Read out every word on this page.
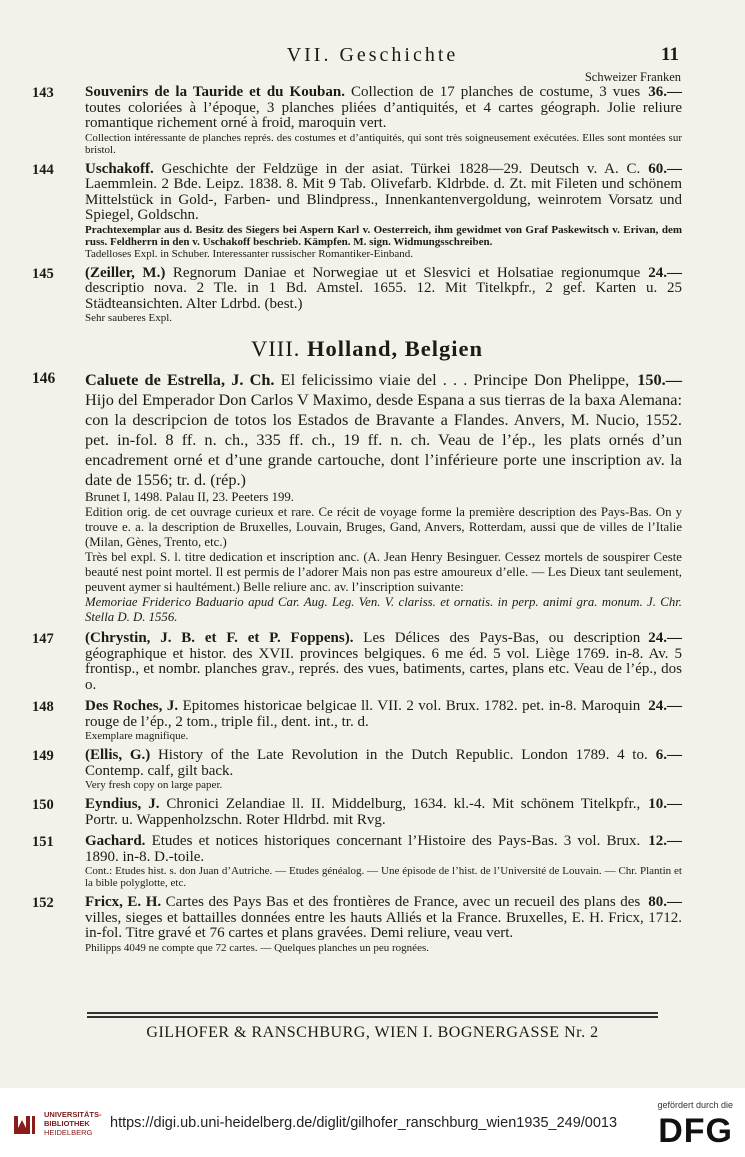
VII. Geschichte	11
Schweizer Franken
143	36.—
Souvenirs de la Tauride et du Kouban. Collection de 17 planches de costume, 3 vues toutes coloriées à l’époque, 3 planches pliées d’antiquités, et 4 cartes géograph. Jolie reliure romantique richement orné à froid, maroquin vert.
Collection intéressante de planches représ. des costumes et d’antiquités, qui sont très soigneusement exécutées. Elles sont montées sur bristol.
144	60.—
Uschakoff. Geschichte der Feldzüge in der asiat. Türkei 1828—29. Deutsch v. A. C. Laemmlein. 2 Bde. Leipz. 1838. 8. Mit 9 Tab. Olivefarb. Kldrbde. d. Zt. mit Fileten und schönem Mittelstück in Gold-, Farben- und Blindpress., Innenkantenvergoldung, weinrotem Vorsatz und Spiegel, Goldschn.
Prachtexemplar aus d. Besitz des Siegers bei Aspern Karl v. Oesterreich, ihm gewidmet von Graf Paskewitsch v. Erivan, dem russ. Feldherrn in den v. Uschakoff beschrieb. Kämpfen. M. sign. Widmungsschreiben.
Tadelloses Expl. in Schuber. Interessanter russischer Romantiker-Einband.
145	24.—
(Zeiller, M.) Regnorum Daniae et Norwegiae ut et Slesvici et Holsatiae regionumque descriptio nova. 2 Tle. in 1 Bd. Amstel. 1655. 12. Mit Titelkpfr., 2 gef. Karten u. 25 Städteansichten. Alter Ldrbd. (best.)
Sehr sauberes Expl.
VIII. Holland, Belgien
146	150.—
Caluete de Estrella, J. Ch. El felicissimo viaie del . . . Principe Don Phelippe, Hijo del Emperador Don Carlos V Maximo, desde Espana a sus tierras de la baxa Alemana: con la descripcion de totos los Estados de Bravante a Flandes. Anvers, M. Nucio, 1552. pet. in-fol. 8 ff. n. ch., 335 ff. ch., 19 ff. n. ch. Veau de l’ép., les plats ornés d’un encadrement orné et d’une grande cartouche, dont l’inférieure porte une inscription av. la date de 1556; tr. d. (rép.)
Brunet I, 1498. Palau II, 23. Peeters 199.
Edition orig. de cet ouvrage curieux et rare. Ce récit de voyage forme la première description des Pays-Bas. On y trouve e. a. la description de Bruxelles, Louvain, Bruges, Gand, Anvers, Rotterdam, aussi que de villes de l’Italie (Milan, Gènes, Trento, etc.)
Très bel expl. S. l. titre dedication et inscription anc. (A. Jean Henry Besinguer. Cessez mortels de souspirer Ceste beauté nest point mortel. Il est permis de l’adorer Mais non pas estre amoureux d’elle. — Les Dieux tant seulement, peuvent aymer si haultément.) Belle reliure anc. av. l’inscription suivante:
Memoriae Friderico Baduario apud Car. Aug. Leg. Ven. V. clariss. et ornatis. in perp. animi gra. monum. J. Chr. Stella D. D. 1556.
147	24.—
(Chrystin, J. B. et F. et P. Foppens). Les Délices des Pays-Bas, ou description géographique et histor. des XVII. provinces belgiques. 6 me éd. 5 vol. Liège 1769. in-8. Av. 5 frontisp., et nombr. planches grav., représ. des vues, batiments, cartes, plans etc. Veau de l’ép., dos o.
148	24.—
Des Roches, J. Epitomes historicae belgicae ll. VII. 2 vol. Brux. 1782. pet. in-8. Maroquin rouge de l’ép., 2 tom., triple fil., dent. int., tr. d.
Exemplare magnifique.
149	6.—
(Ellis, G.) History of the Late Revolution in the Dutch Republic. London 1789. 4 to. Contemp. calf, gilt back.
Very fresh copy on large paper.
150	10.—
Eyndius, J. Chronici Zelandiae ll. II. Middelburg, 1634. kl.-4. Mit schönem Titelkpfr., Portr. u. Wappenholzschn. Roter Hldrbd. mit Rvg.
151	12.—
Gachard. Etudes et notices historiques concernant l’Histoire des Pays-Bas. 3 vol. Brux. 1890. in-8. D.-toile.
Cont.: Etudes hist. s. don Juan d’Autriche. — Etudes généalog. — Une épisode de l’hist. de l’Université de Louvain. — Chr. Plantin et la bible polyglotte, etc.
152	80.—
Fricx, E. H. Cartes des Pays Bas et des frontières de France, avec un recueil des plans des villes, sieges et battailles données entre les hauts Alliés et la France. Bruxelles, E. H. Fricx, 1712. in-fol. Titre gravé et 76 cartes et plans gravées. Demi reliure, veau vert.
Philipps 4049 ne compte que 72 cartes. — Quelques planches un peu rognées.
GILHOFER & RANSCHBURG, WIEN I. BOGNERGASSE Nr. 2
UNIVERSITÄTS-
BIBLIOTHEK
HEIDELBERG
https://digi.ub.uni-heidelberg.de/diglit/gilhofer_ranschburg_wien1935_249/0013
gefördert durch die
DFG
